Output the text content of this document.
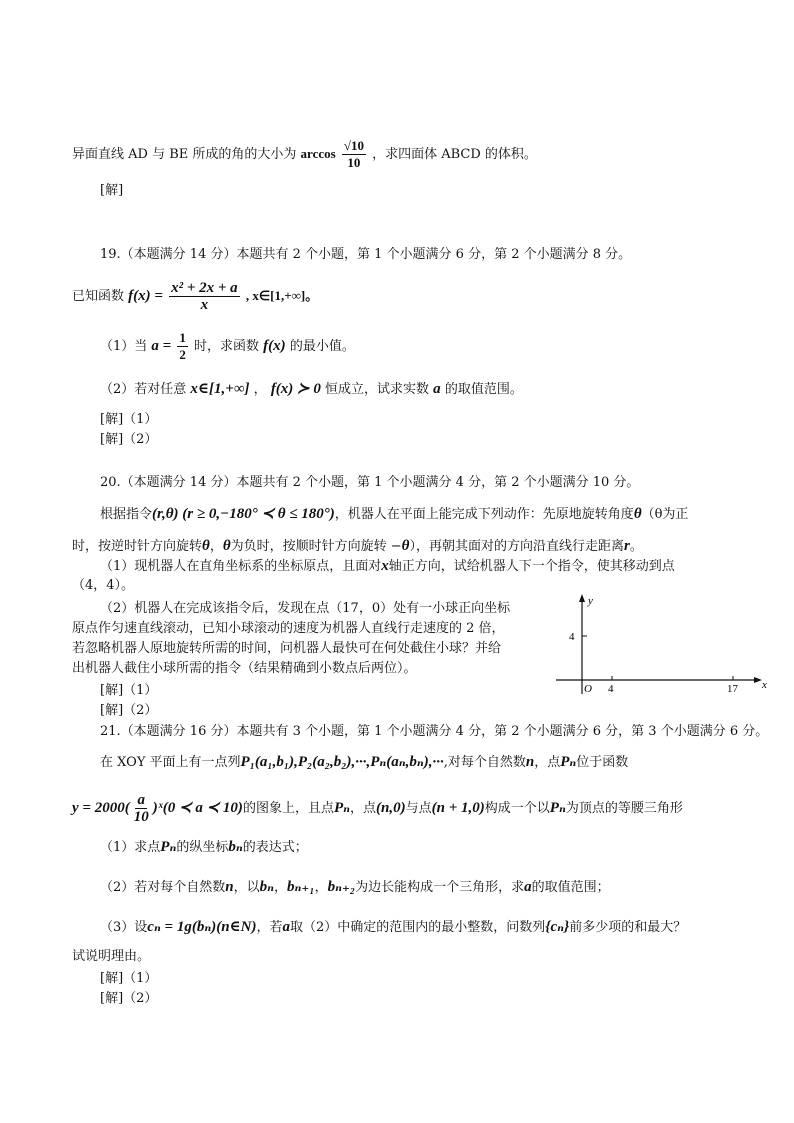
异面直线 AD 与 BE 所成的角的大小为 $\arccos \frac{√10}{10}$ ，求四面体 ABCD 的体积。
[解]
19.（本题满分 14 分）本题共有 2 个小题，第 1 个小题满分 6 分，第 2 个小题满分 8 分。
已知函数 $f(x) = \frac{\text{x² + 2x + a}}{x}$ , x∈[1,+∞]。
（1）当 $a = \frac{1}{2}$ 时，求函数 f(x) 的最小值。
（2）若对任意 x∈[1,+∞] ， f(x) ≻ 0 恒成立，试求实数 a 的取值范围。
[解]（1）
[解]（2）
20.（本题满分 14 分）本题共有 2 个小题，第 1 个小题满分 4 分，第 2 个小题满分 10 分。
根据指令(r,θ) (r ≥ 0,−180° ≺ θ ≤ 180°)，机器人在平面上能完成下列动作：先原地旋转角度θ（θ为正
时，按逆时针方向旋转θ，θ为负时，按顺时针方向旋转 −θ），再朝其面对的方向沿直线行走距离r。
（1）现机器人在直角坐标系的坐标原点，且面对x轴正方向，试给机器人下一个指令，使其移动到点
（4，4）。
（2）机器人在完成该指令后，发现在点（17，0）处有一小球正向坐标
原点作匀速直线滚动，已知小球滚动的速度为机器人直线行走速度的 2 倍，
若忽略机器人原地旋转所需的时间，问机器人最快可在何处截住小球？并给
出机器人截住小球所需的指令（结果精确到小数点后两位）。
[解]（1）
[解]（2）
y
x
O
4
4	17
21.（本题满分 16 分）本题共有 3 个小题，第 1 个小题满分 4 分，第 2 个小题满分 6 分，第 3 个小题满分 6 分。
在 XOY 平面上有一点列P₁(a₁,b₁),P₂(a₂,b₂),···,Pₙ(aₙ,bₙ),···,对每个自然数n，点Pₙ位于函数
$y = 2000( \frac{a}{10}$ )ˣ(0 ≺ a ≺ 10)的图象上，且点Pₙ，点(n,0)与点(n + 1,0)构成一个以Pₙ为顶点的等腰三角形
（1）求点Pₙ的纵坐标bₙ的表达式；
（2）若对每个自然数n，以bₙ，bₙ₊₁，bₙ₊₂为边长能构成一个三角形，求a的取值范围；
（3）设cₙ = 1g(bₙ)(n∈N)，若a取（2）中确定的范围内的最小整数，问数列{cₙ}前多少项的和最大？
试说明理由。
[解]（1）
[解]（2）
